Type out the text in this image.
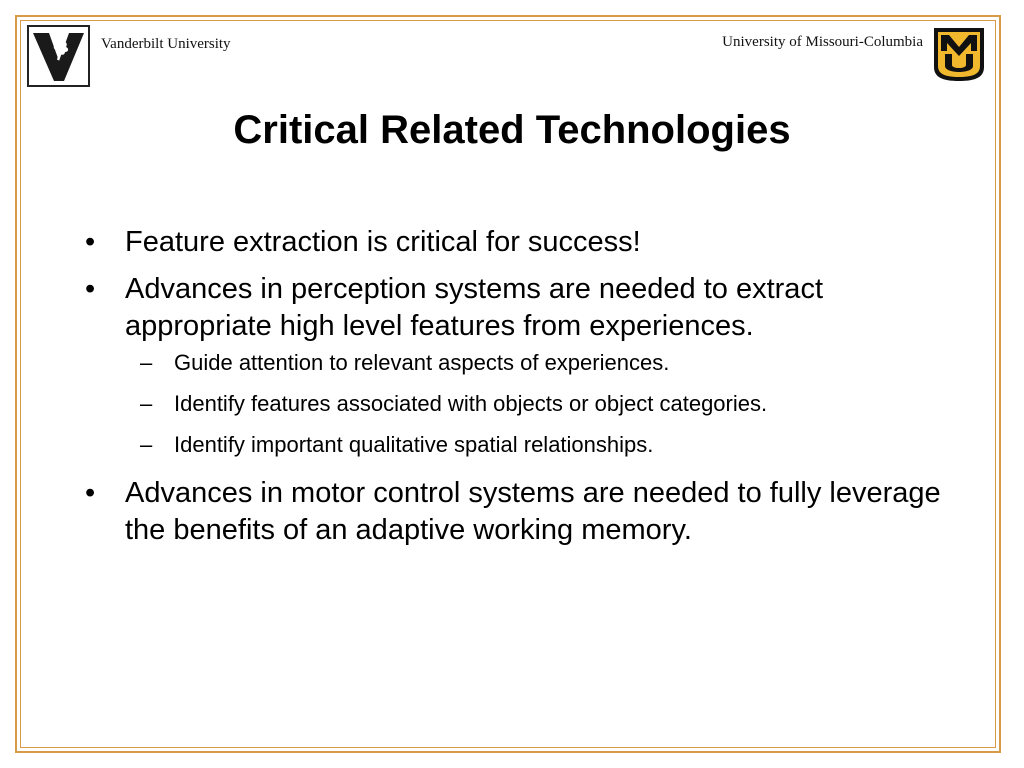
Vanderbilt University	University of Missouri-Columbia
Critical Related Technologies
•	Feature extraction is critical for success!
•	Advances in perception systems are needed to extract appropriate high level features from experiences.
– Guide attention to relevant aspects of experiences.
– Identify features associated with objects or object categories.
– Identify important qualitative spatial relationships.
•	Advances in motor control systems are needed to fully leverage the benefits of an adaptive working memory.
